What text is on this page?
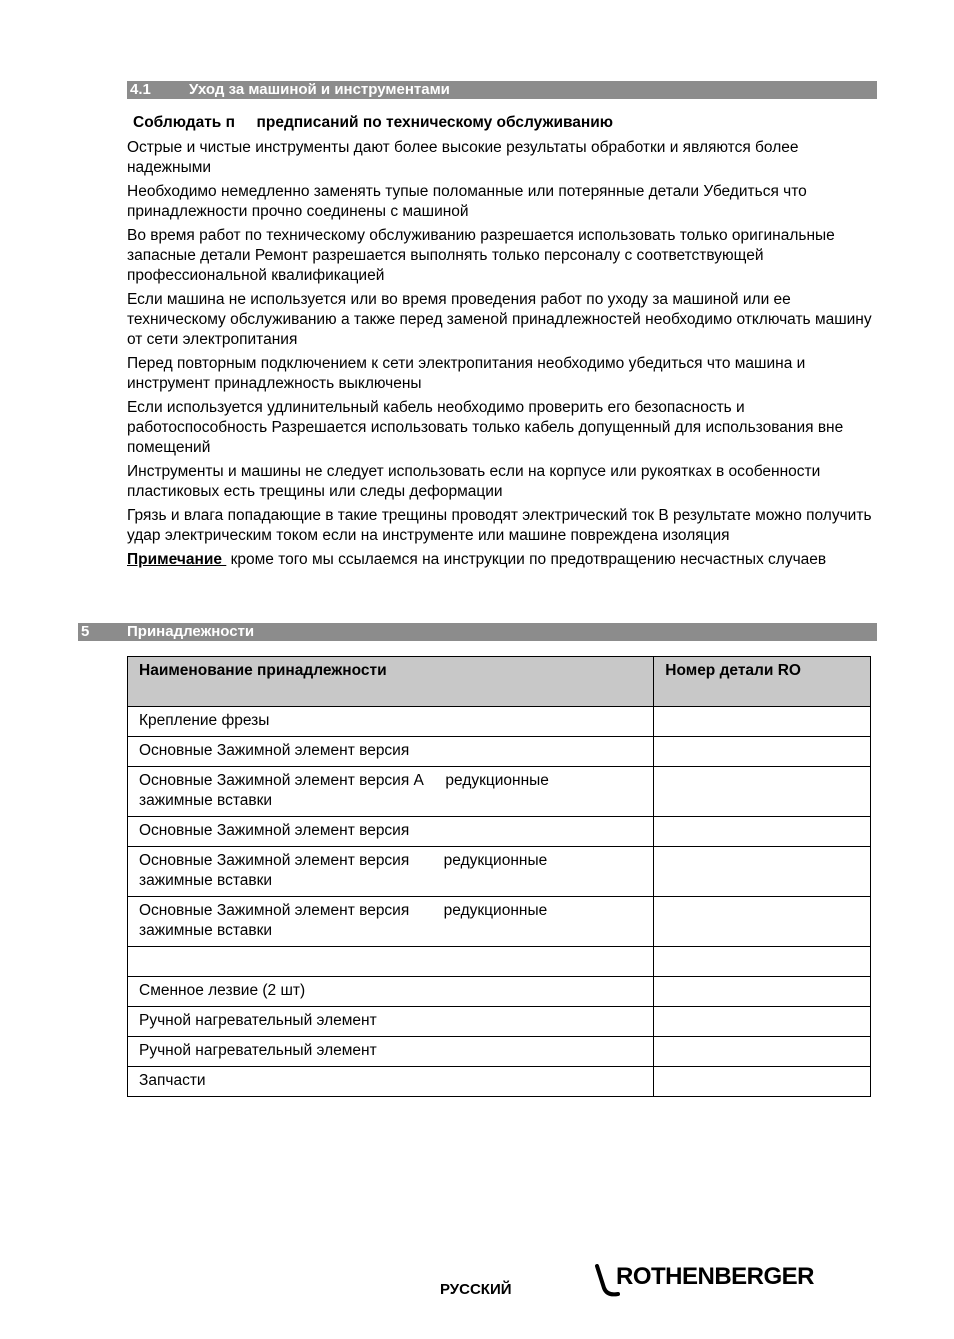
4.1	Уход за машиной и инструментами
Соблюдать п     предписаний по техническому обслуживанию

Острые и чистые инструменты дают более высокие результаты обработки и являются более надежными

Необходимо немедленно заменять тупые поломанные или потерянные детали Убедиться что принадлежности прочно соединены с машиной

Во время работ по техническому обслуживанию разрешается использовать только оригинальные запасные детали Ремонт разрешается выполнять только персоналу с соответствующей профессиональной квалификацией

Если машина не используется или во время проведения работ по уходу за машиной или ее техническому обслуживанию а также перед заменой принадлежностей необходимо отключать машину от сети электропитания

Перед повторным подключением к сети электропитания необходимо убедиться что машина и инструмент принадлежность выключены

Если используется удлинительный кабель необходимо проверить его безопасность и работоспособность Разрешается использовать только кабель допущенный для использования вне помещений

Инструменты и машины не следует использовать если на корпусе или рукоятках в особенности пластиковых есть трещины или следы деформации

Грязь и влага попадающие в такие трещины проводят электрический ток В результате можно получить удар электрическим током если на инструменте или машине повреждена изоляция

Примечание  кроме того мы ссылаемся на инструкции по предотвращению несчастных случаев

5	Принадлежности
Наименование принадлежности	Номер детали RO
Крепление фрезы	
Основные Зажимной элемент версия	
Основные Зажимной элемент версия А     редукционные
зажимные вставки	
Основные Зажимной элемент версия	
Основные Зажимной элемент версия        редукционные
зажимные вставки	
Основные Зажимной элемент версия        редукционные
зажимные вставки	

Сменное лезвие (2 шт)	
Ручной нагревательный элемент	
Ручной нагревательный элемент	
Запчасти	
РУССКИЙ	ROTHENBERGER
